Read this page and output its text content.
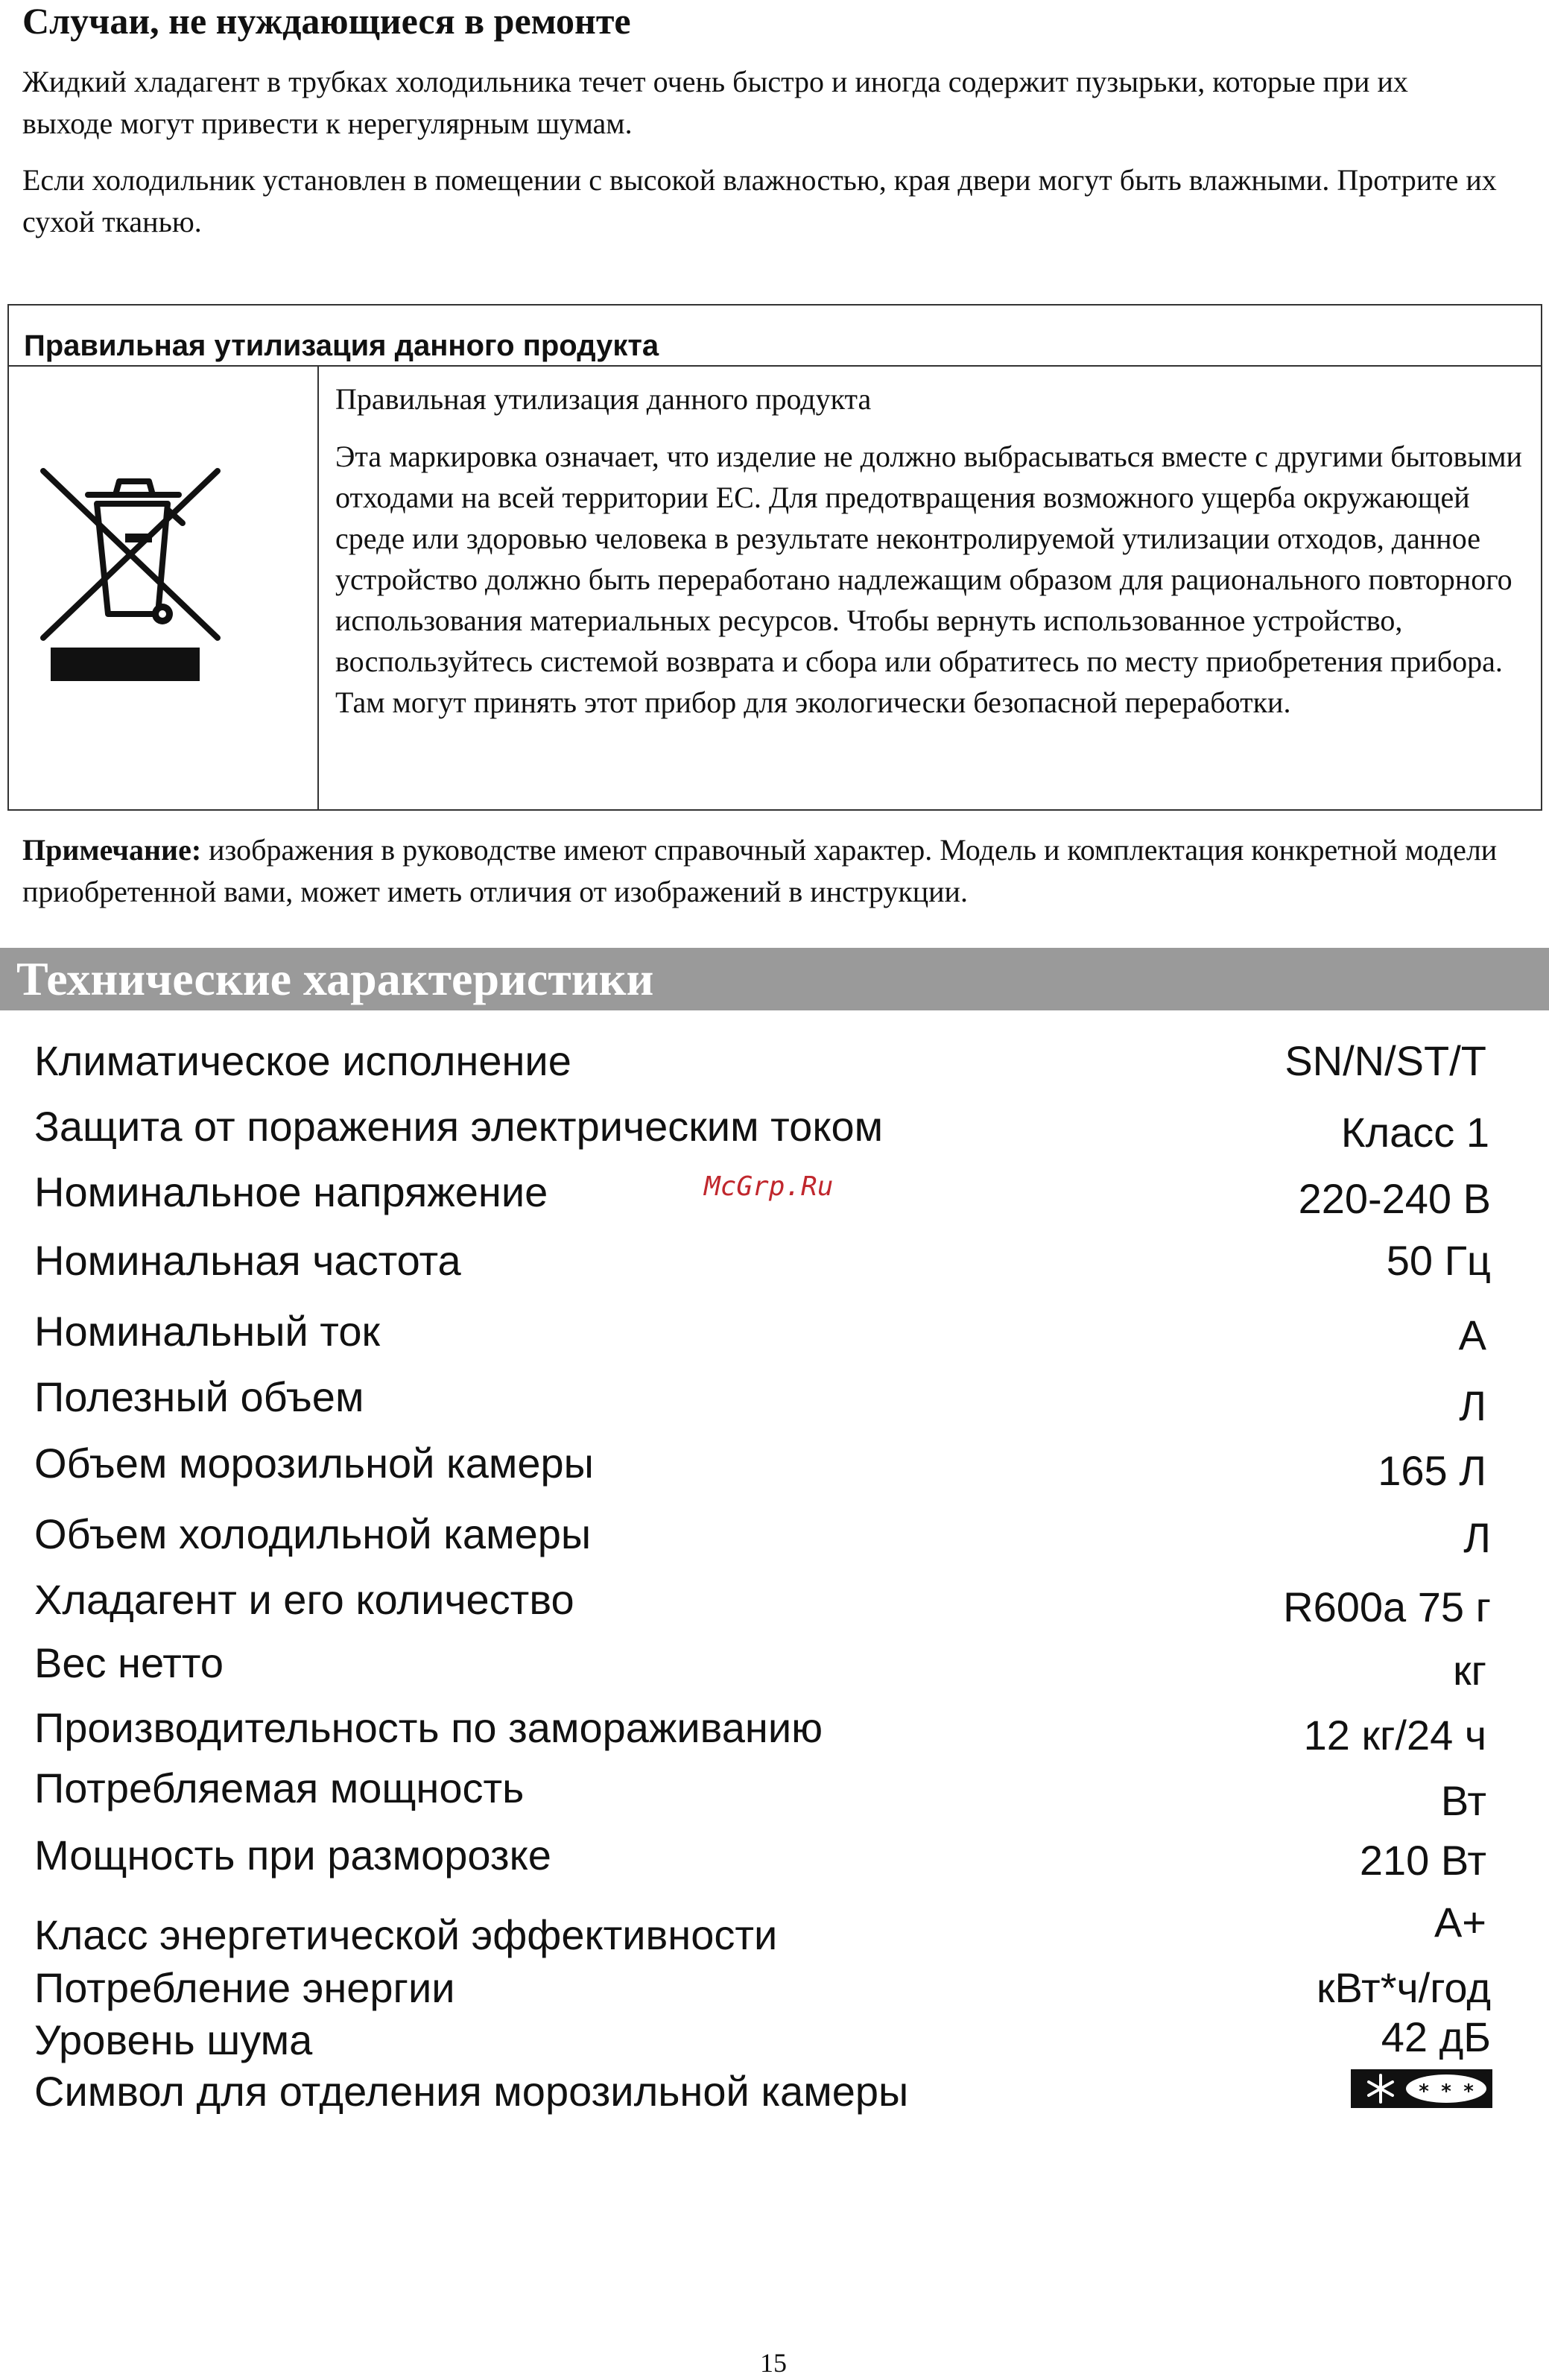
Случаи, не нуждающиеся в ремонте

Жидкий хладагент в трубках холодильника течет очень быстро и иногда содержит пузырьки, которые при их выходе могут привести к нерегулярным шумам.

Если холодильник установлен в помещении с высокой влажностью, края двери могут быть влажными. Протрите их сухой тканью.

Правильная утилизация данного продукта

Правильная утилизация данного продукта

Эта маркировка означает, что изделие не должно выбрасываться вместе с другими бытовыми отходами на всей территории ЕС. Для предотвращения возможного ущерба окружающей среде или здоровью человека в результате неконтролируемой утилизации отходов, данное устройство должно быть переработано надлежащим образом для рационального повторного использования материальных ресурсов. Чтобы вернуть использованное устройство, воспользуйтесь системой возврата и сбора или обратитесь по месту приобретения прибора. Там могут принять этот прибор для экологически безопасной переработки.

Примечание: изображения в руководстве имеют справочный характер. Модель и комплектация конкретной модели приобретенной вами, может иметь отличия от изображений в инструкции.

Технические характеристики
Климатическое исполнение	SN/N/ST/T
Защита от поражения электрическим током	Класс 1
Номинальное напряжение	220-240 В
Номинальная частота	50 Гц
Номинальный ток	А
Полезный объем	Л
Объем морозильной камеры	165 Л
Объем холодильной камеры	Л
Хладагент и его количество	R600a 75 г
Вес нетто	кг
Производительность по замораживанию	12 кг/24 ч
Потребляемая мощность	Вт
Мощность при разморозке	210 Вт
Класс энергетической эффективности	А+
Потребление энергии	кВт*ч/год
Уровень шума	42 дБ
Символ для отделения морозильной камеры	* * *
McGrp.Ru
15
